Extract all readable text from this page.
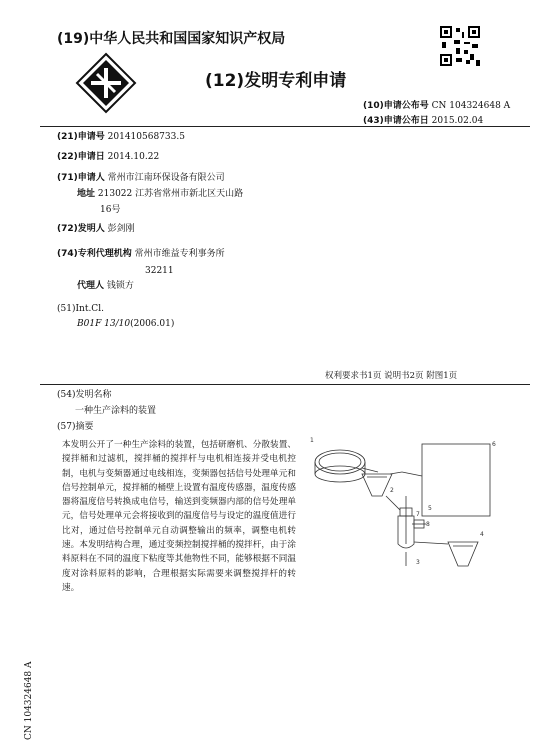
(19)中华人民共和国国家知识产权局
(12)发明专利申请
(10)申请公布号 CN 104324648 A
(43)申请公布日 2015.02.04
(21)申请号 201410568733.5
(22)申请日 2014.10.22
(71)申请人 常州市江南环保设备有限公司
地址 213022 江苏省常州市新北区天山路
16号
(72)发明人 彭剑刚
(74)专利代理机构 常州市维益专利事务所
32211
代理人 钱锁方
(51)Int.Cl.
B01F 13/10(2006.01)
权利要求书1页 说明书2页 附图1页
(54)发明名称
一种生产涂料的装置
(57)摘要
本发明公开了一种生产涂料的装置，包括研磨机、分散装置、搅拌桶和过滤机，搅拌桶的搅拌杆与电机相连接并受电机控制，电机与变频器通过电线相连，变频器包括信号处理单元和信号控制单元，搅拌桶的桶壁上设置有温度传感器，温度传感器将温度信号转换成电信号，输送到变频器内部的信号处理单元，信号处理单元会将接收到的温度信号与设定的温度值进行比对，通过信号控制单元自动调整输出的频率，调整电机转速。本发明结构合理，通过变频控制搅拌桶的搅拌杆，由于涂料原料在不同的温度下粘度等其他物性不同，能够根据不同温度对涂料原料的影响，合理根据实际需要来调整搅拌杆的转速。
1
2
3
4
5
6
7
8
CN 104324648 A
